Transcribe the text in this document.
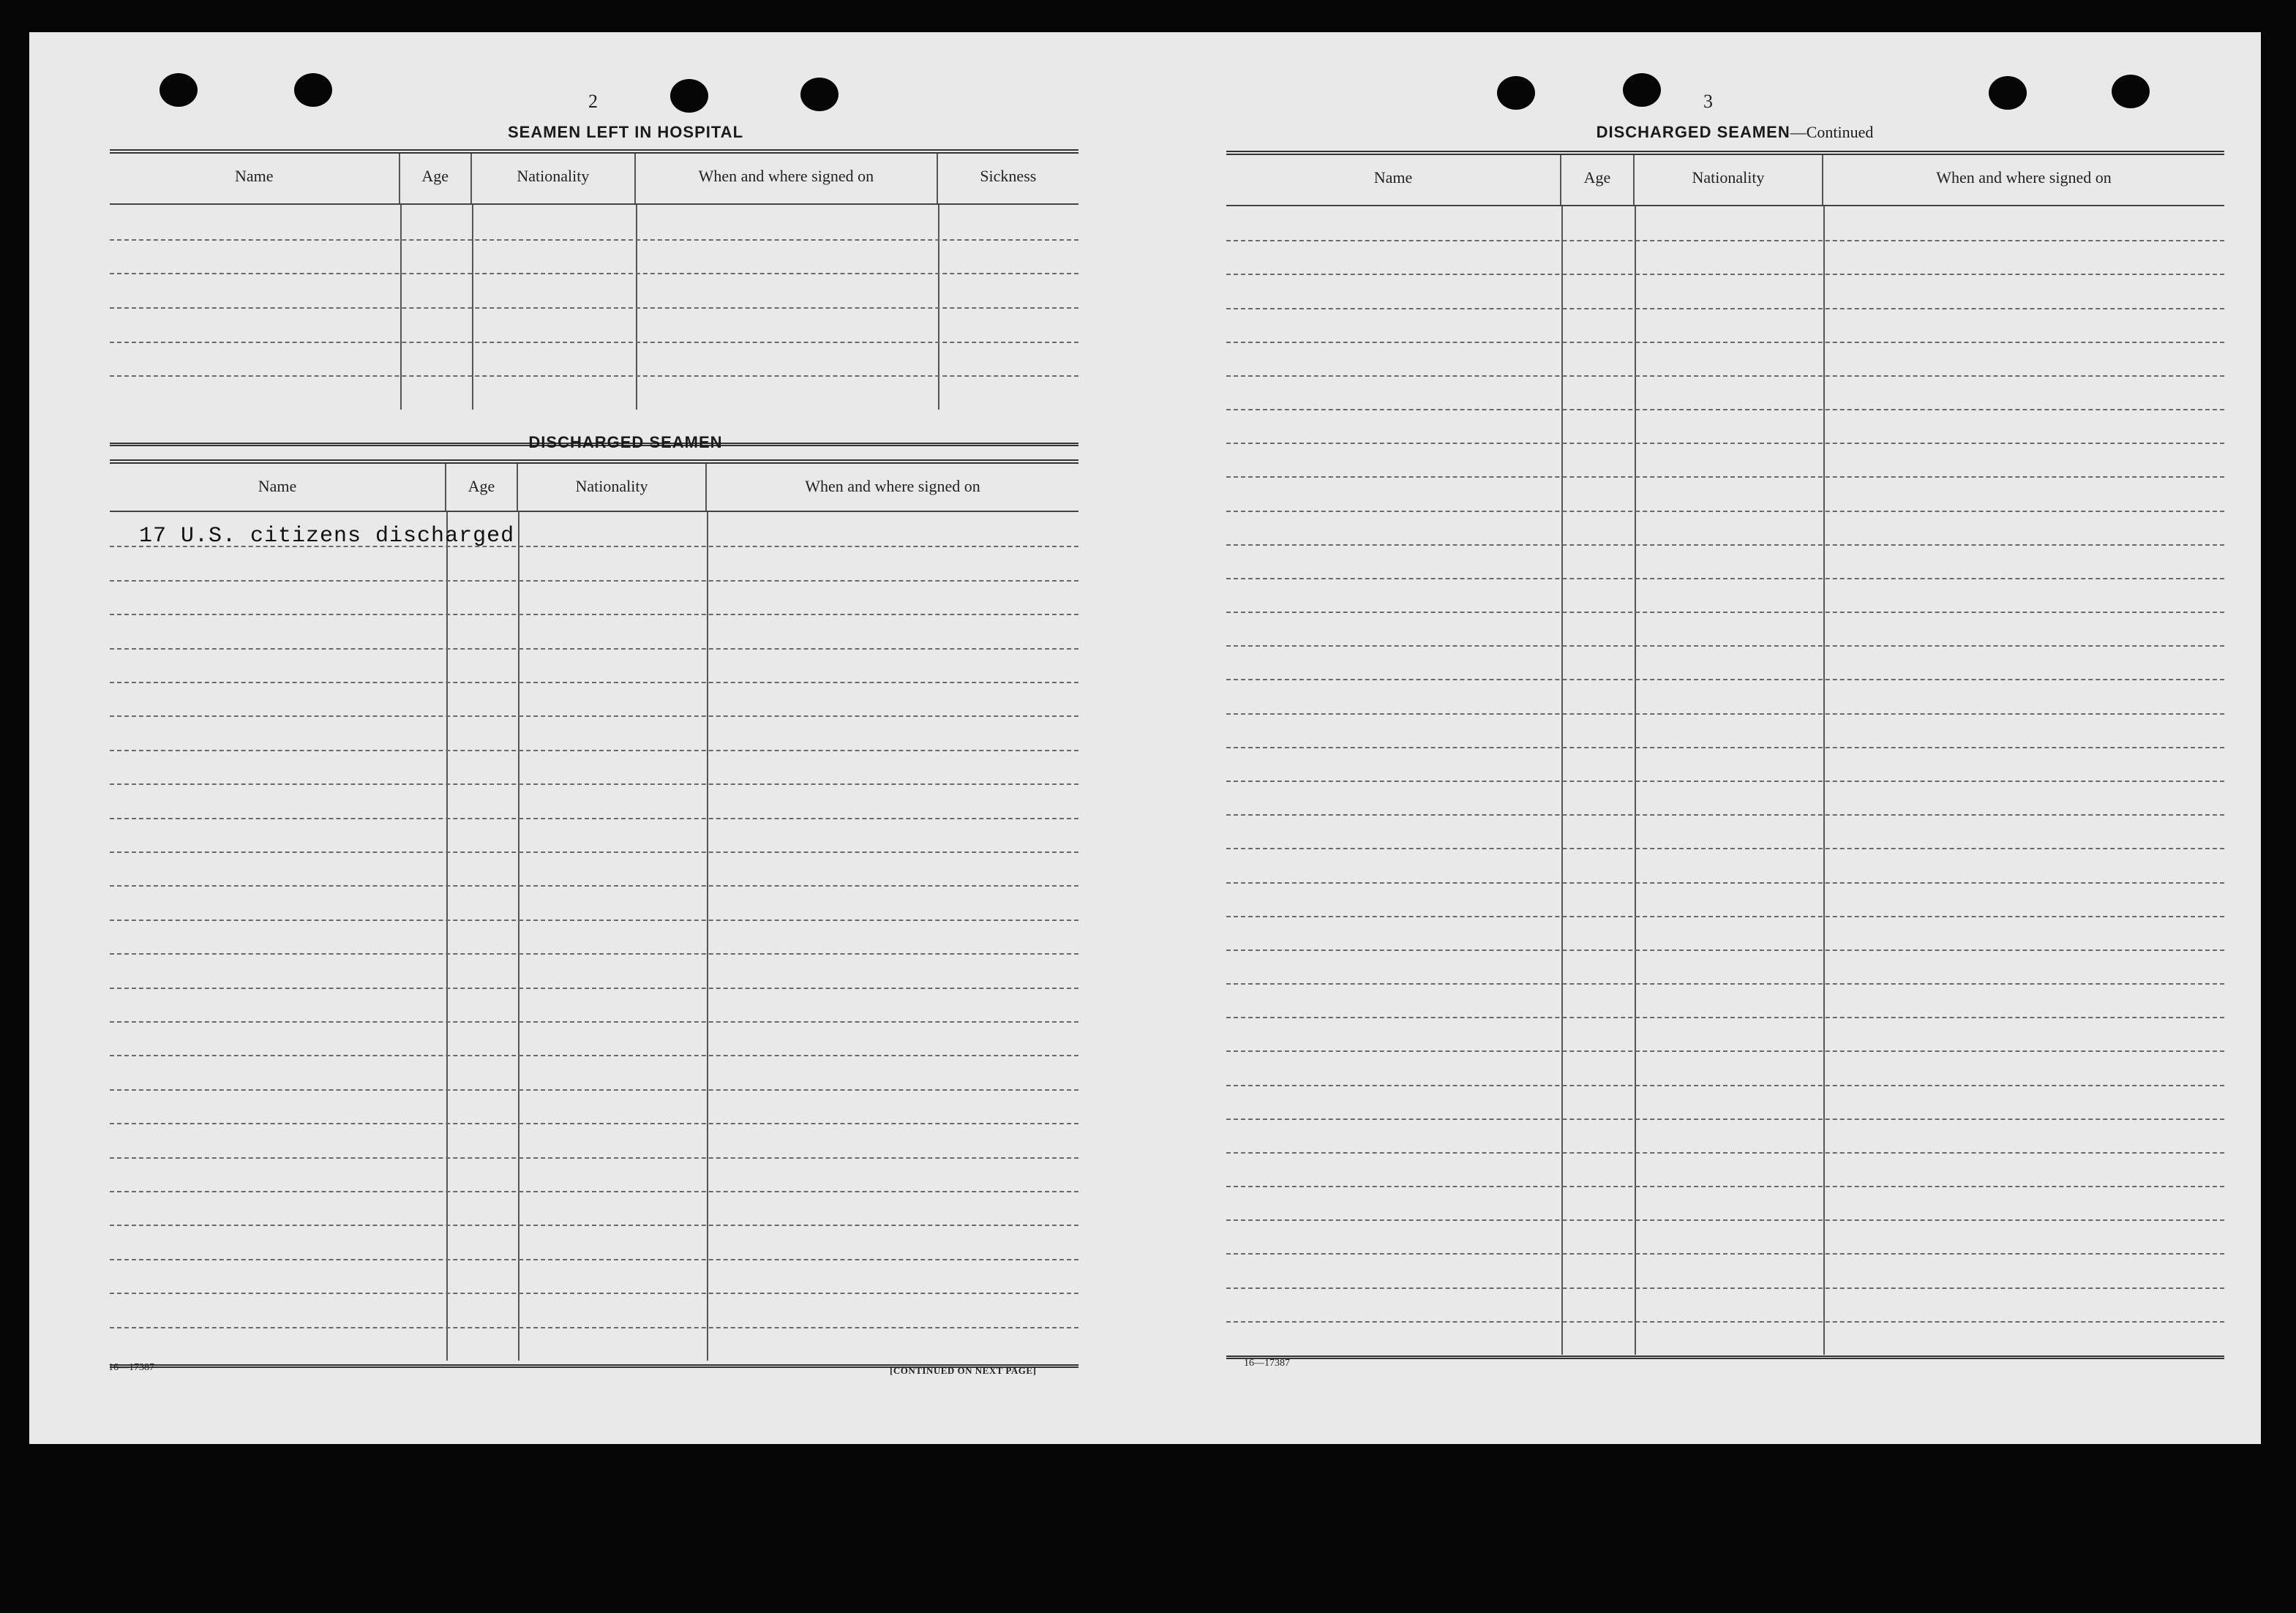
2
SEAMEN LEFT IN HOSPITAL
Name	Age	Nationality	When and where signed on	Sickness
DISCHARGED SEAMEN
Name	Age	Nationality	When and where signed on
17 U.S. citizens discharged
16—17387	[CONTINUED ON NEXT PAGE]
3
DISCHARGED SEAMEN—Continued
Name	Age	Nationality	When and where signed on
16—17387
